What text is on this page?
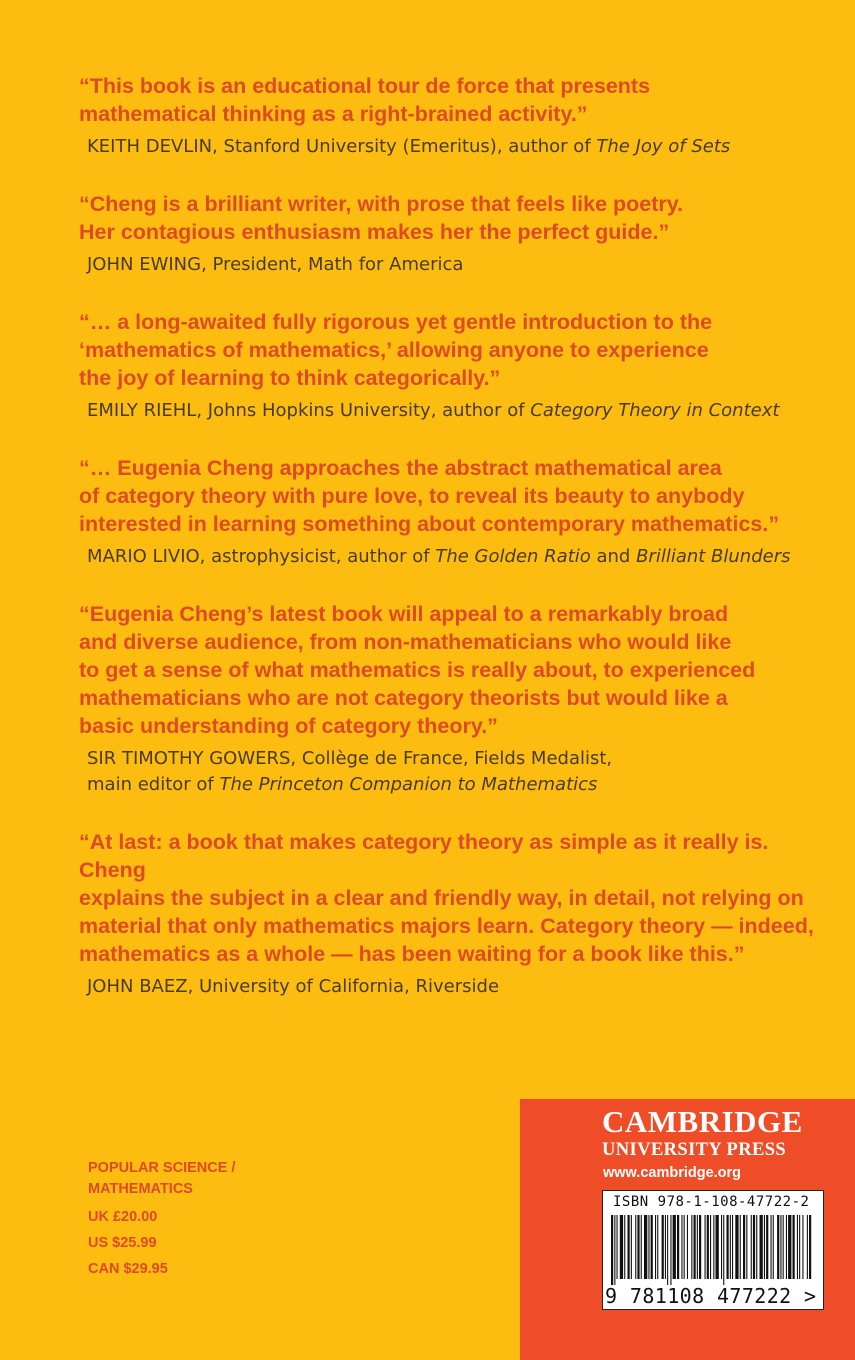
“This book is an educational tour de force that presents
mathematical thinking as a right-brained activity.”
KEITH DEVLIN, Stanford University (Emeritus), author of The Joy of Sets
“Cheng is a brilliant writer, with prose that feels like poetry.
Her contagious enthusiasm makes her the perfect guide.”
JOHN EWING, President, Math for America
“… a long-awaited fully rigorous yet gentle introduction to the
‘mathematics of mathematics,’ allowing anyone to experience
the joy of learning to think categorically.”
EMILY RIEHL, Johns Hopkins University, author of Category Theory in Context
“… Eugenia Cheng approaches the abstract mathematical area
of category theory with pure love, to reveal its beauty to anybody
interested in learning something about contemporary mathematics.”
MARIO LIVIO, astrophysicist, author of The Golden Ratio and Brilliant Blunders
“Eugenia Cheng’s latest book will appeal to a remarkably broad
and diverse audience, from non-mathematicians who would like
to get a sense of what mathematics is really about, to experienced
mathematicians who are not category theorists but would like a
basic understanding of category theory.”
SIR TIMOTHY GOWERS, Collège de France, Fields Medalist,
main editor of The Princeton Companion to Mathematics
“At last: a book that makes category theory as simple as it really is. Cheng
explains the subject in a clear and friendly way, in detail, not relying on
material that only mathematics majors learn. Category theory — indeed,
mathematics as a whole — has been waiting for a book like this.”
JOHN BAEZ, University of California, Riverside
POPULAR SCIENCE /
MATHEMATICS
UK £20.00
US $25.99
CAN $29.95
CAMBRIDGE
UNIVERSITY PRESS
www.cambridge.org
ISBN 978-1-108-47722-2
9 781108 477222 >
